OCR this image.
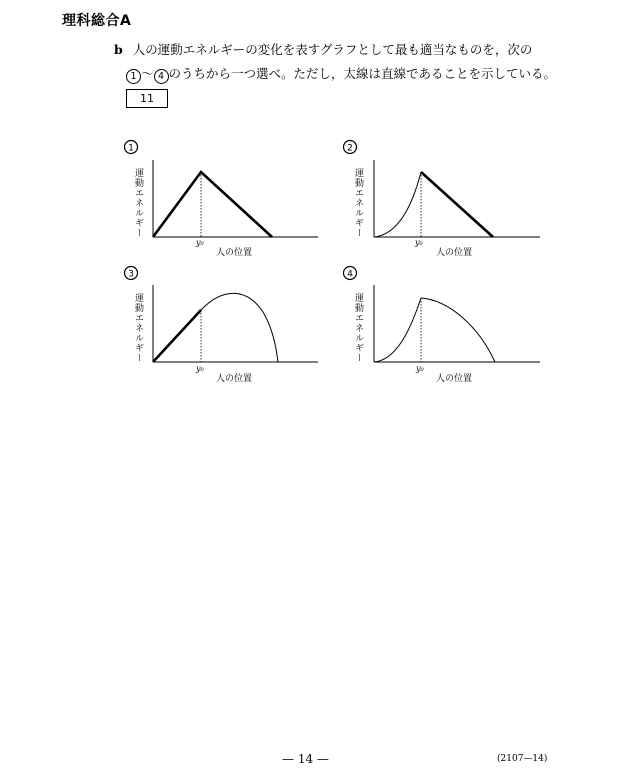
理科総合A
b 人の運動エネルギーの変化を表すグラフとして最も適当なものを，次の
1 ～ 4 のうちから一つ選べ。ただし，太線は直線であることを示している。
11
1
運動エネルギー
y₀
人の位置
2
運動エネルギー
y₀
人の位置
3
運動エネルギー
y₀
人の位置
4
運動エネルギー
y₀
人の位置
— 14 —	(2107—14)
